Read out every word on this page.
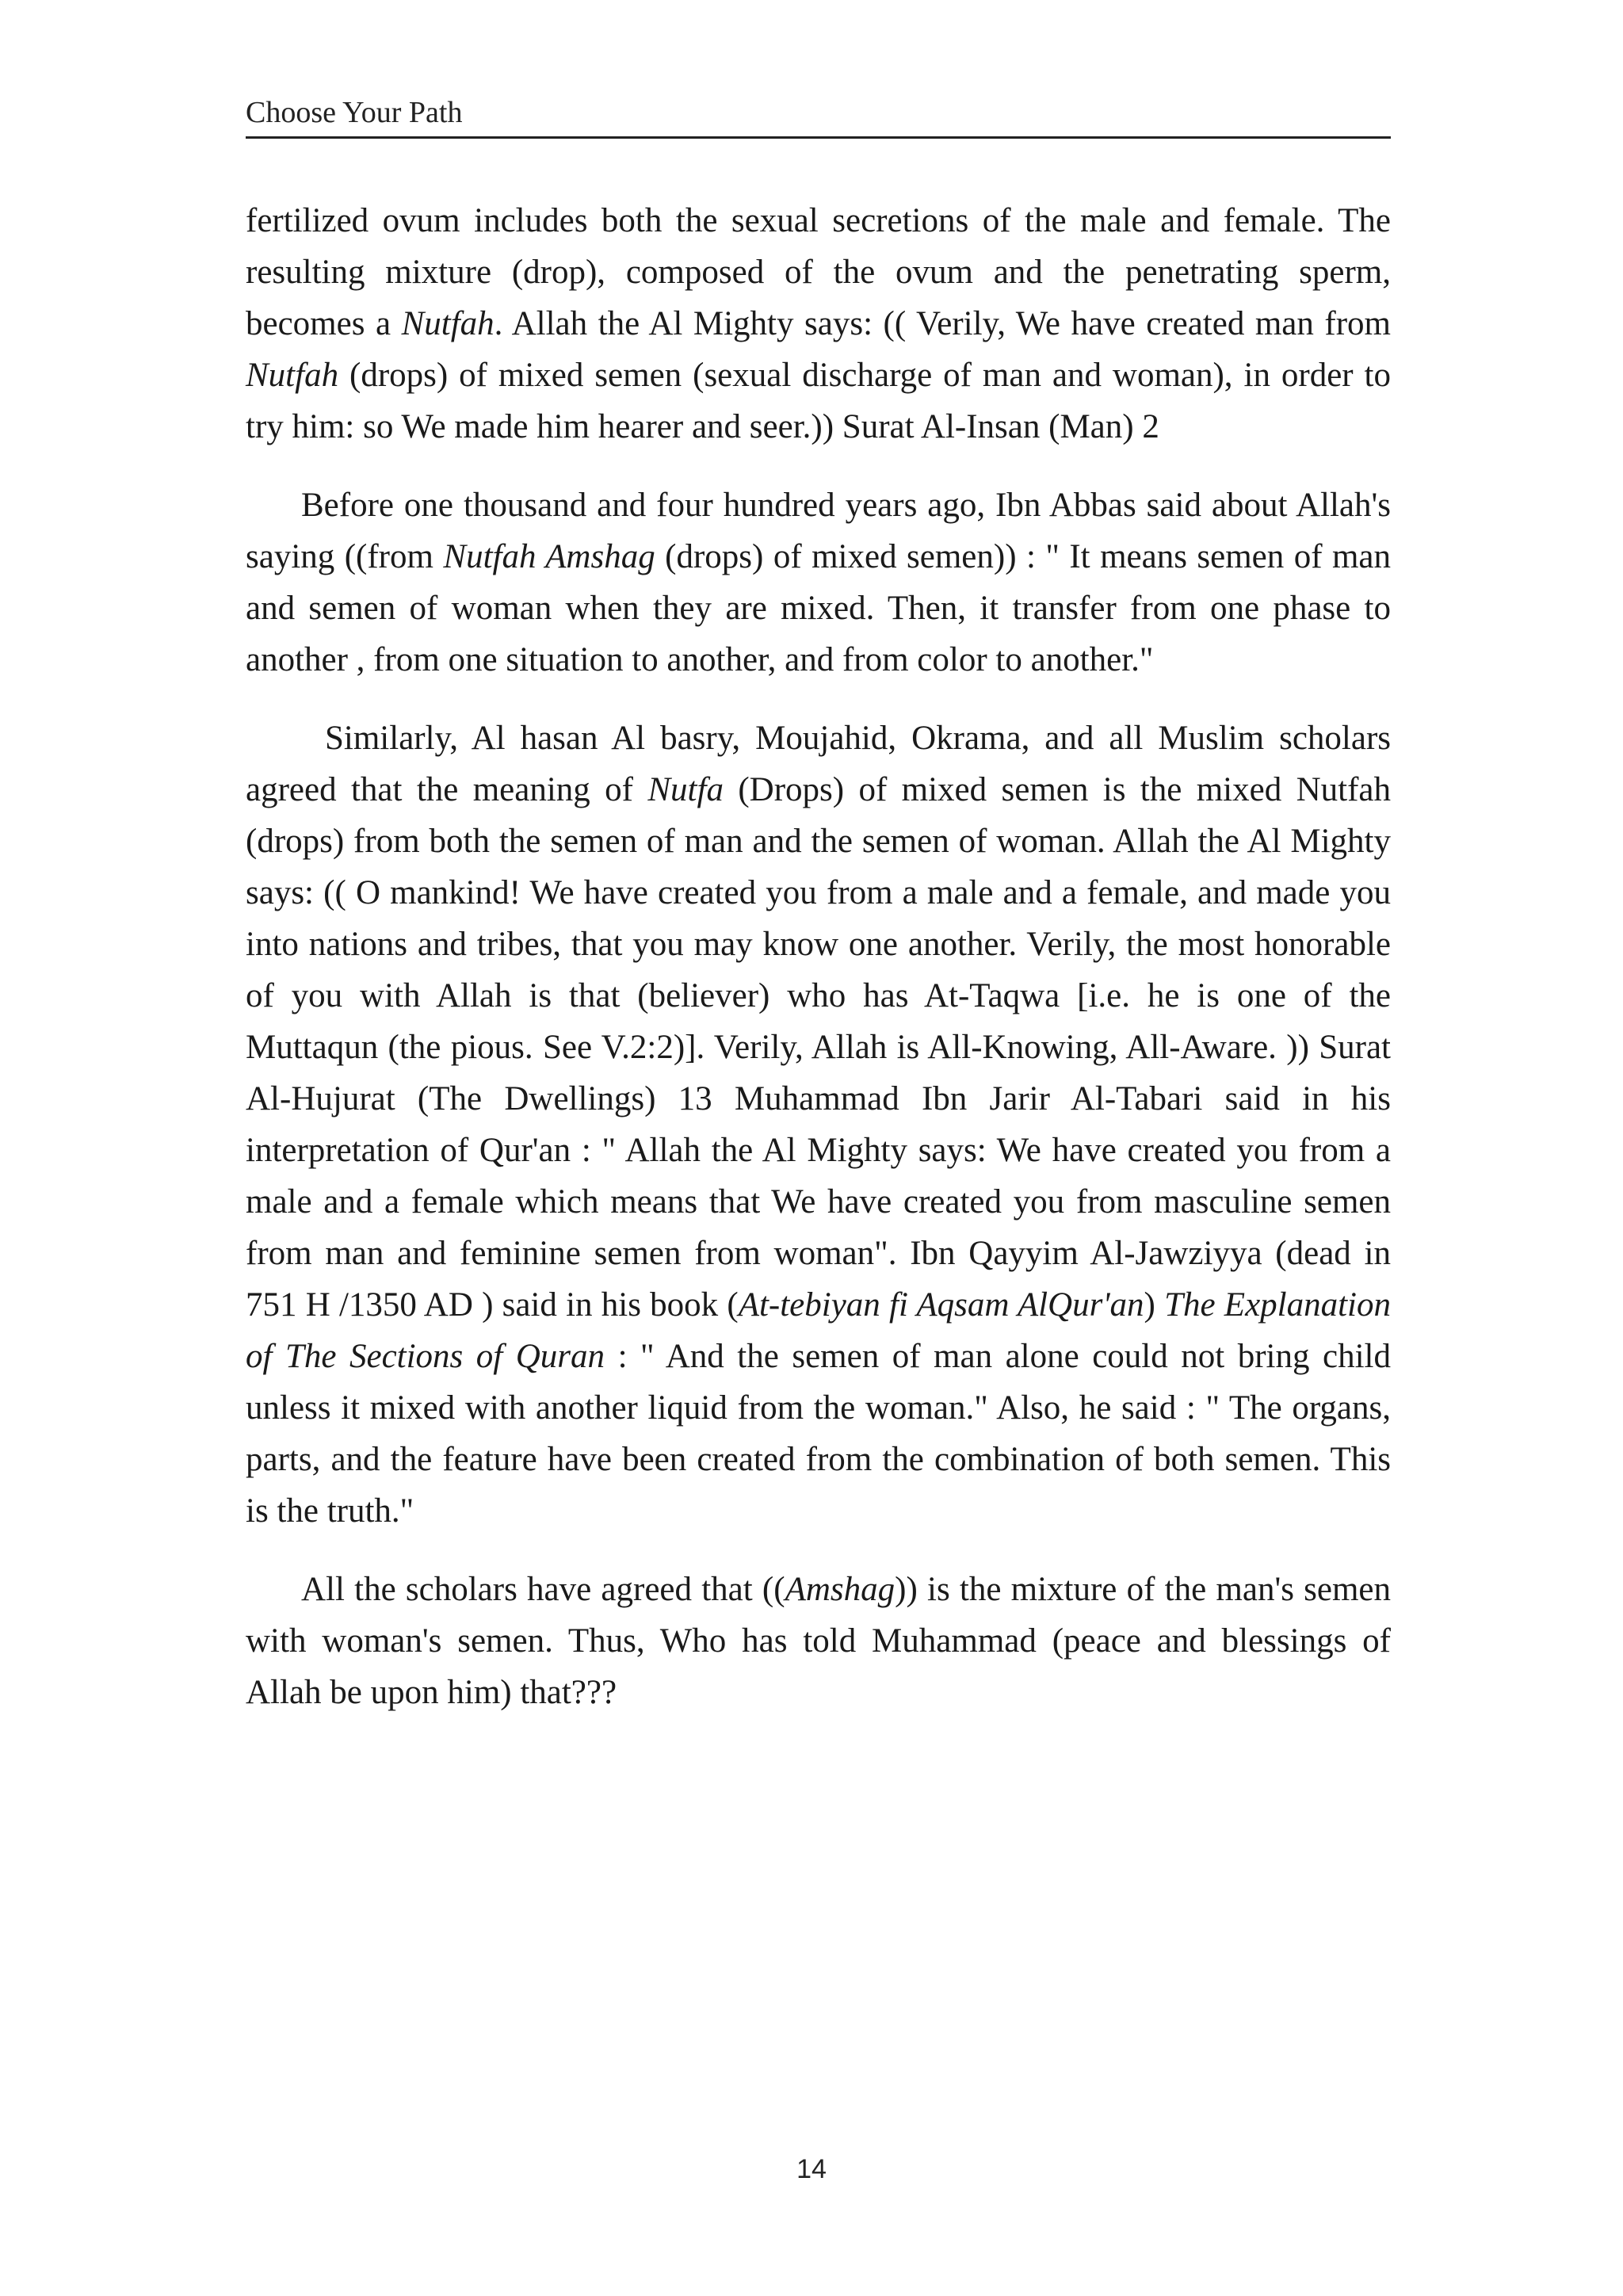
Choose Your Path

fertilized ovum includes both the sexual secretions of the male and female. The resulting mixture (drop), composed of the ovum and the penetrating sperm, becomes a Nutfah. Allah the Al Mighty says: (( Verily, We have created man from Nutfah (drops) of mixed semen (sexual discharge of man and woman), in order to try him: so We made him hearer and seer.)) Surat Al-Insan (Man) 2

Before one thousand and four hundred years ago, Ibn Abbas said about Allah's saying ((from Nutfah Amshag (drops) of mixed semen)) : " It means semen of man and semen of woman when they are mixed. Then, it transfer from one phase to another , from one situation to another, and from color to another."

Similarly, Al hasan Al basry, Moujahid, Okrama, and all Muslim scholars agreed that the meaning of Nutfa (Drops) of mixed semen is the mixed Nutfah (drops) from both the semen of man and the semen of woman. Allah the Al Mighty says: (( O mankind! We have created you from a male and a female, and made you into nations and tribes, that you may know one another. Verily, the most honorable of you with Allah is that (believer) who has At-Taqwa [i.e. he is one of the Muttaqun (the pious. See V.2:2)]. Verily, Allah is All-Knowing, All-Aware. )) Surat Al-Hujurat (The Dwellings) 13 Muhammad Ibn Jarir Al-Tabari said in his interpretation of Qur'an : " Allah the Al Mighty says: We have created you from a male and a female which means that We have created you from masculine semen from man and feminine semen from woman". Ibn Qayyim Al-Jawziyya (dead in 751 H /1350 AD ) said in his book (At-tebiyan fi Aqsam AlQur'an) The Explanation of The Sections of Quran : " And the semen of man alone could not bring child unless it mixed with another liquid from the woman." Also, he said : " The organs, parts, and the feature have been created from the combination of both semen. This is the truth."

All the scholars have agreed that ((Amshag)) is the mixture of the man's semen with woman's semen. Thus, Who has told Muhammad (peace and blessings of Allah be upon him) that???

14
